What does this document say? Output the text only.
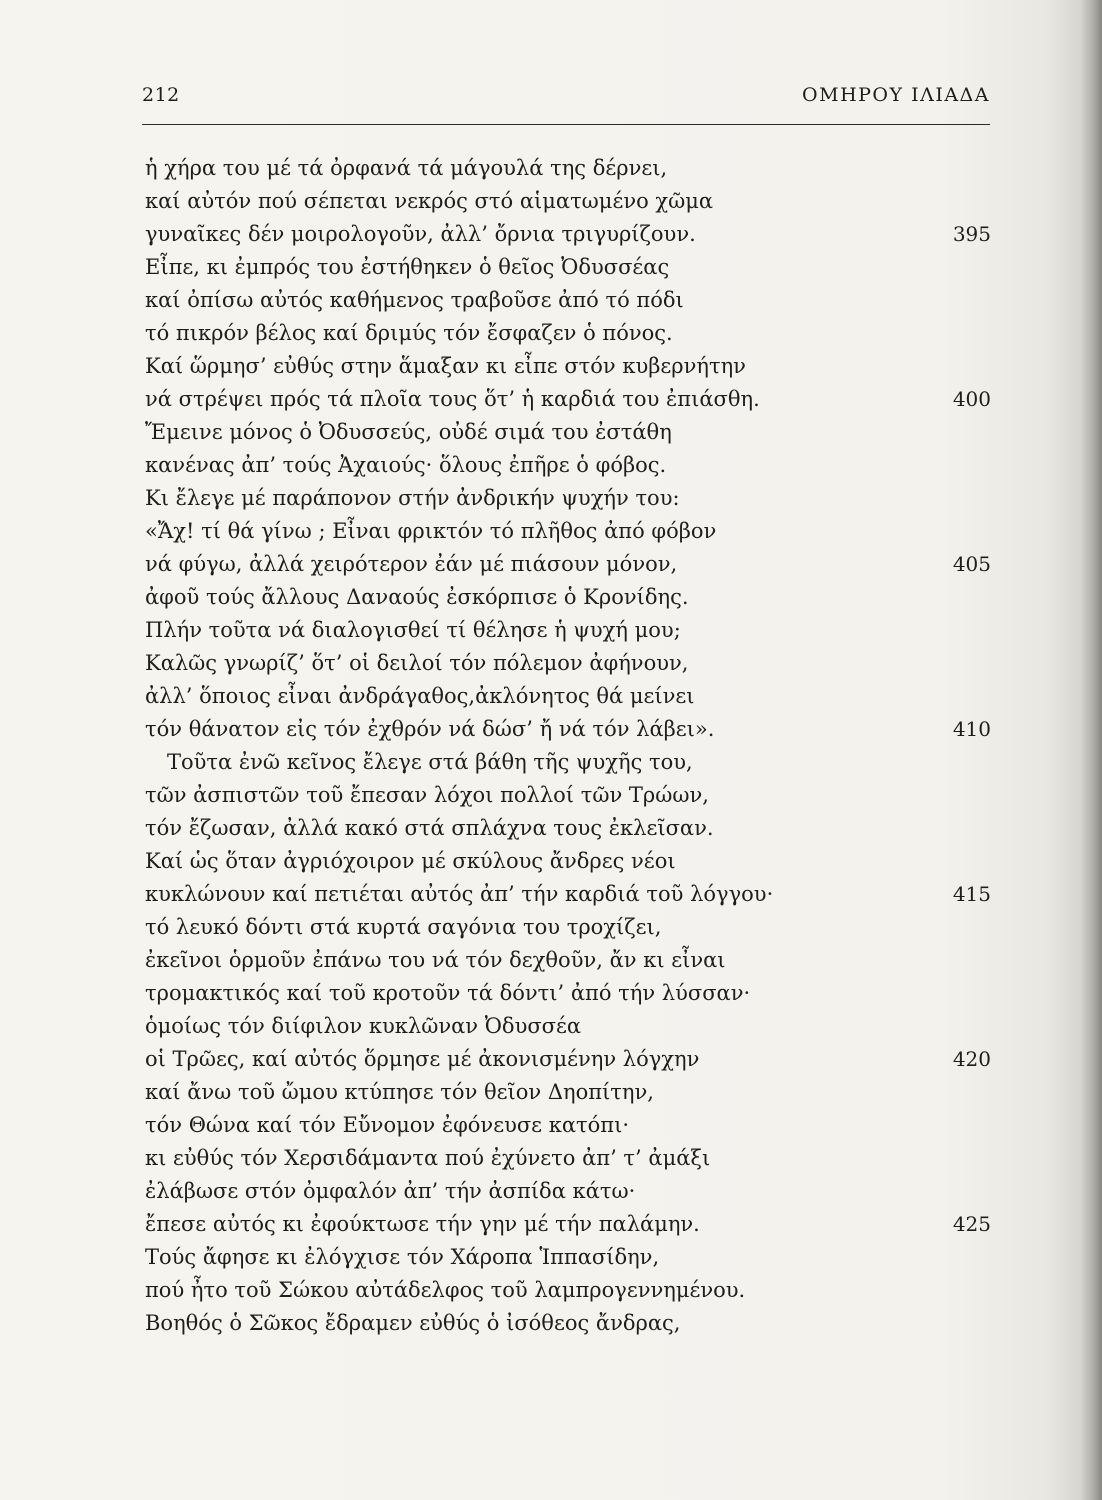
212	ΟΜΗΡΟΥ ΙΛΙΑΔΑ
ἡ χήρα του μέ τά ὀρφανά τά μάγουλά της δέρνει,
καί αὐτόν πού σέπεται νεκρός στό αἱματωμένο χῶμα
γυναῖκες δέν μοιρολογοῦν, ἀλλ’ ὄρνια τριγυρίζουν.	395
Εἶπε, κι ἐμπρός του ἐστήθηκεν ὁ θεῖος Ὀδυσσέας
καί ὀπίσω αὐτός καθήμενος τραβοῦσε ἀπό τό πόδι
τό πικρόν βέλος καί δριμύς τόν ἔσφαζεν ὁ πόνος.
Καί ὥρμησ’ εὐθύς στην ἅμαξαν κι εἶπε στόν κυβερνήτην
νά στρέψει πρός τά πλοῖα τους ὅτ’ ἡ καρδιά του ἐπιάσθη.	400
Ἔμεινε μόνος ὁ Ὀδυσσεύς, οὐδέ σιμά του ἐστάθη
κανένας ἀπ’ τούς Ἀχαιούς· ὅλους ἐπῆρε ὁ φόβος.
Κι ἔλεγε μέ παράπονον στήν ἀνδρικήν ψυχήν του:
«Ἄχ! τί θά γίνω ; Εἶναι φρικτόν τό πλῆθος ἀπό φόβον
νά φύγω, ἀλλά χειρότερον ἐάν μέ πιάσουν μόνον,	405
ἀφοῦ τούς ἄλλους Δαναούς ἐσκόρπισε ὁ Κρονίδης.
Πλήν τοῦτα νά διαλογισθεί τί θέλησε ἡ ψυχή μου;
Καλῶς γνωρίζ’ ὅτ’ οἱ δειλοί τόν πόλεμον ἀφήνουν,
ἀλλ’ ὅποιος εἶναι ἀνδράγαθος,ἀκλόνητος θά μείνει
τόν θάνατον εἰς τόν ἐχθρόν νά δώσ’ ἤ νά τόν λάβει».	410
Τοῦτα ἐνῶ κεῖνος ἔλεγε στά βάθη τῆς ψυχῆς του,
τῶν ἀσπιστῶν τοῦ ἔπεσαν λόχοι πολλοί τῶν Τρώων,
τόν ἔζωσαν, ἀλλά κακό στά σπλάχνα τους ἐκλεῖσαν.
Καί ὡς ὅταν ἀγριόχοιρον μέ σκύλους ἄνδρες νέοι
κυκλώνουν καί πετιέται αὐτός ἀπ’ τήν καρδιά τοῦ λόγγου·	415
τό λευκό δόντι στά κυρτά σαγόνια του τροχίζει,
ἐκεῖνοι ὁρμοῦν ἐπάνω του νά τόν δεχθοῦν, ἄν κι εἶναι
τρομακτικός καί τοῦ κροτοῦν τά δόντι’ ἀπό τήν λύσσαν·
ὁμοίως τόν διίφιλον κυκλῶναν Ὀδυσσέα
οἱ Τρῶες, καί αὐτός ὅρμησε μέ ἀκονισμένην λόγχην	420
καί ἄνω τοῦ ὤμου κτύπησε τόν θεῖον Δηοπίτην,
τόν Θώνα καί τόν Εὔνομον ἐφόνευσε κατόπι·
κι εὐθύς τόν Χερσιδάμαντα πού ἐχύνετο ἀπ’ τ’ ἀμάξι
ἐλάβωσε στόν ὀμφαλόν ἀπ’ τήν ἀσπίδα κάτω·
ἔπεσε αὐτός κι ἐφούκτωσε τήν γην μέ τήν παλάμην.	425
Τούς ἄφησε κι ἐλόγχισε τόν Χάροπα Ἱππασίδην,
πού ἦτο τοῦ Σώκου αὐτάδελφος τοῦ λαμπρογεννημένου.
Βοηθός ὁ Σῶκος ἔδραμεν εὐθύς ὁ ἰσόθεος ἄνδρας,
